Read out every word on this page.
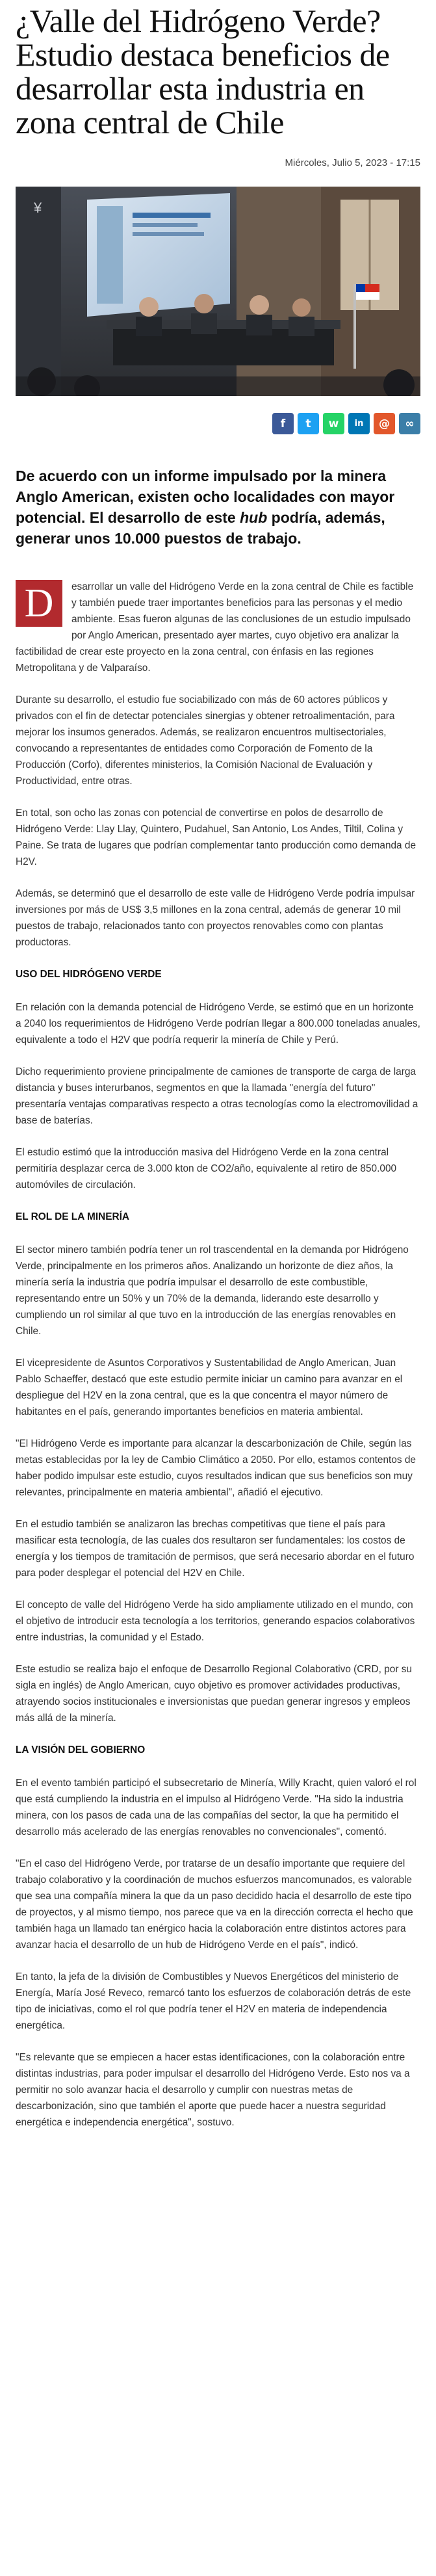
¿Valle del Hidrógeno Verde? Estudio destaca beneficios de desarrollar esta industria en zona central de Chile
Miércoles, Julio 5, 2023 - 17:15
¥
f t w in @ ∞
De acuerdo con un informe impulsado por la minera Anglo American, existen ocho localidades con mayor potencial. El desarrollo de este hub podría, además, generar unos 10.000 puestos de trabajo.

D	esarrollar un valle del Hidrógeno Verde en la zona central de Chile es factible y también puede traer importantes beneficios para las personas y el medio ambiente. Esas fueron algunas de las conclusiones de un estudio impulsado por Anglo American, presentado ayer martes, cuyo objetivo era analizar la factibilidad de crear este proyecto en la zona central, con énfasis en las regiones Metropolitana y de Valparaíso.

Durante su desarrollo, el estudio fue sociabilizado con más de 60 actores públicos y privados con el fin de detectar potenciales sinergias y obtener retroalimentación, para mejorar los insumos generados. Además, se realizaron encuentros multisectoriales, convocando a representantes de entidades como Corporación de Fomento de la Producción (Corfo), diferentes ministerios, la Comisión Nacional de Evaluación y Productividad, entre otras.

En total, son ocho las zonas con potencial de convertirse en polos de desarrollo de Hidrógeno Verde: Llay Llay, Quintero, Pudahuel, San Antonio, Los Andes, Tiltil, Colina y Paine. Se trata de lugares que podrían complementar tanto producción como demanda de H2V.

Además, se determinó que el desarrollo de este valle de Hidrógeno Verde podría impulsar inversiones por más de US$ 3,5 millones en la zona central, además de generar 10 mil puestos de trabajo, relacionados tanto con proyectos renovables como con plantas productoras.

USO DEL HIDRÓGENO VERDE

En relación con la demanda potencial de Hidrógeno Verde, se estimó que en un horizonte a 2040 los requerimientos de Hidrógeno Verde podrían llegar a 800.000 toneladas anuales, equivalente a todo el H2V que podría requerir la minería de Chile y Perú.

Dicho requerimiento proviene principalmente de camiones de transporte de carga de larga distancia y buses interurbanos, segmentos en que la llamada "energía del futuro" presentaría ventajas comparativas respecto a otras tecnologías como la electromovilidad a base de baterías.

El estudio estimó que la introducción masiva del Hidrógeno Verde en la zona central permitiría desplazar cerca de 3.000 kton de CO2/año, equivalente al retiro de 850.000 automóviles de circulación.

EL ROL DE LA MINERÍA

El sector minero también podría tener un rol trascendental en la demanda por Hidrógeno Verde, principalmente en los primeros años. Analizando un horizonte de diez años, la minería sería la industria que podría impulsar el desarrollo de este combustible, representando entre un 50% y un 70% de la demanda, liderando este desarrollo y cumpliendo un rol similar al que tuvo en la introducción de las energías renovables en Chile.

El vicepresidente de Asuntos Corporativos y Sustentabilidad de Anglo American, Juan Pablo Schaeffer, destacó que este estudio permite iniciar un camino para avanzar en el despliegue del H2V en la zona central, que es la que concentra el mayor número de habitantes en el país, generando importantes beneficios en materia ambiental.

"El Hidrógeno Verde es importante para alcanzar la descarbonización de Chile, según las metas establecidas por la ley de Cambio Climático a 2050. Por ello, estamos contentos de haber podido impulsar este estudio, cuyos resultados indican que sus beneficios son muy relevantes, principalmente en materia ambiental", añadió el ejecutivo.

En el estudio también se analizaron las brechas competitivas que tiene el país para masificar esta tecnología, de las cuales dos resultaron ser fundamentales: los costos de energía y los tiempos de tramitación de permisos, que será necesario abordar en el futuro para poder desplegar el potencial del H2V en Chile.

El concepto de valle del Hidrógeno Verde ha sido ampliamente utilizado en el mundo, con el objetivo de introducir esta tecnología a los territorios, generando espacios colaborativos entre industrias, la comunidad y el Estado.

Este estudio se realiza bajo el enfoque de Desarrollo Regional Colaborativo (CRD, por su sigla en inglés) de Anglo American, cuyo objetivo es promover actividades productivas, atrayendo socios institucionales e inversionistas que puedan generar ingresos y empleos más allá de la minería.

LA VISIÓN DEL GOBIERNO

En el evento también participó el subsecretario de Minería, Willy Kracht, quien valoró el rol que está cumpliendo la industria en el impulso al Hidrógeno Verde. "Ha sido la industria minera, con los pasos de cada una de las compañías del sector, la que ha permitido el desarrollo más acelerado de las energías renovables no convencionales", comentó.

"En el caso del Hidrógeno Verde, por tratarse de un desafío importante que requiere del trabajo colaborativo y la coordinación de muchos esfuerzos mancomunados, es valorable que sea una compañía minera la que da un paso decidido hacia el desarrollo de este tipo de proyectos, y al mismo tiempo, nos parece que va en la dirección correcta el hecho que también haga un llamado tan enérgico hacia la colaboración entre distintos actores para avanzar hacia el desarrollo de un hub de Hidrógeno Verde en el país", indicó.

En tanto, la jefa de la división de Combustibles y Nuevos Energéticos del ministerio de Energía, María José Reveco, remarcó tanto los esfuerzos de colaboración detrás de este tipo de iniciativas, como el rol que podría tener el H2V en materia de independencia energética.

"Es relevante que se empiecen a hacer estas identificaciones, con la colaboración entre distintas industrias, para poder impulsar el desarrollo del Hidrógeno Verde. Esto nos va a permitir no solo avanzar hacia el desarrollo y cumplir con nuestras metas de descarbonización, sino que también el aporte que puede hacer a nuestra seguridad energética e independencia energética", sostuvo.
